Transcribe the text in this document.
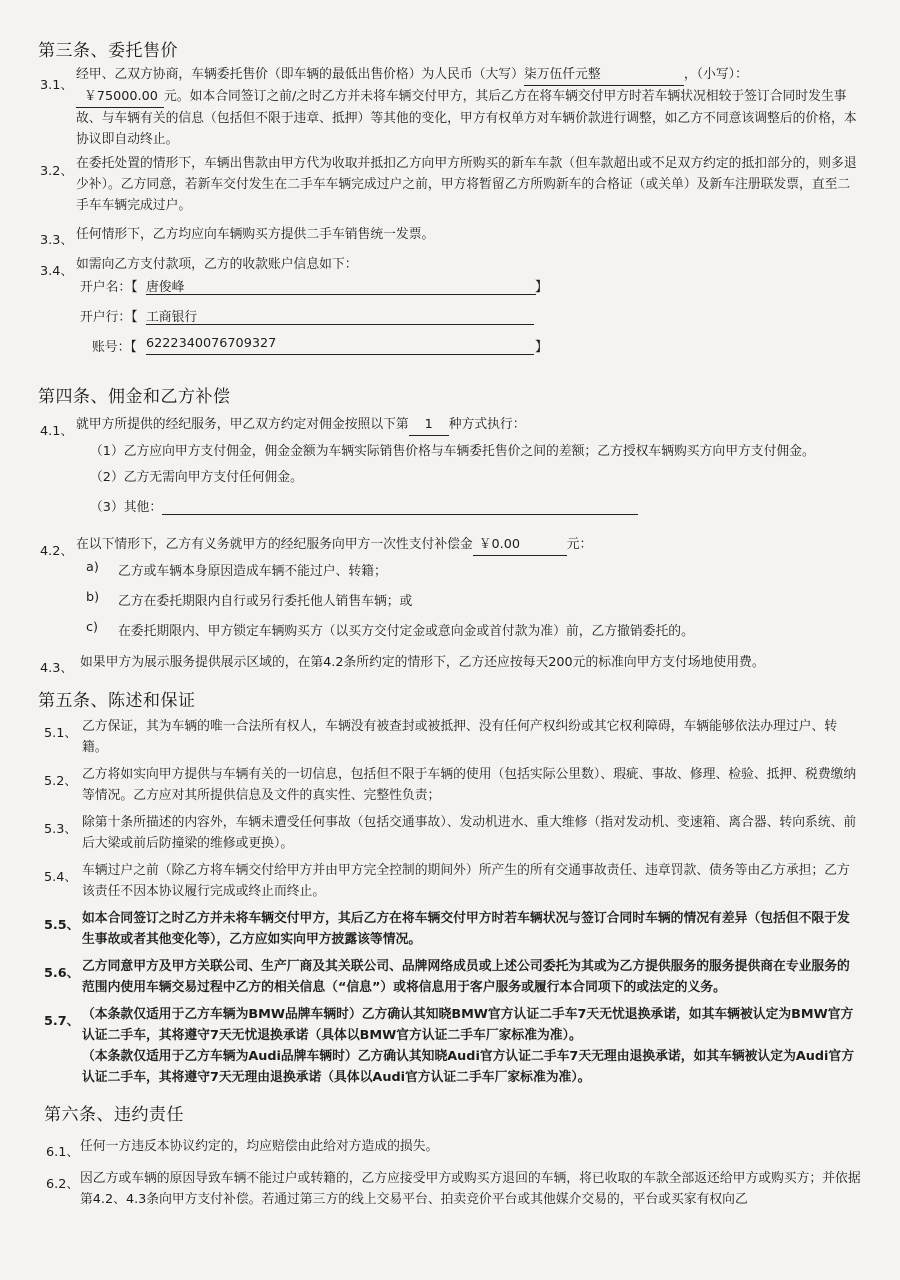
第三条、委托售价
3.1、
经甲、乙双方协商，车辆委托售价（即车辆的最低出售价格）为人民币（大写）柒万伍仟元整	，（小写）：
￥75000.00 元。如本合同签订之前/之时乙方并未将车辆交付甲方，其后乙方在将车辆交付甲方时若车辆状况相较于签订合同时发生事故、与车辆有关的信息（包括但不限于违章、抵押）等其他的变化，甲方有权单方对车辆价款进行调整，如乙方不同意该调整后的价格，本协议即自动终止。
3.2、
在委托处置的情形下，车辆出售款由甲方代为收取并抵扣乙方向甲方所购买的新车车款（但车款超出或不足双方约定的抵扣部分的，则多退少补）。乙方同意，若新车交付发生在二手车车辆完成过户之前，甲方将暂留乙方所购新车的合格证（或关单）及新车注册联发票，直至二手车车辆完成过户。
3.3、 任何情形下，乙方均应向车辆购买方提供二手车销售统一发票。
3.4、 如需向乙方支付款项，乙方的收款账户信息如下：
开户名：【 唐俊峰	】
开户行：【 工商银行
账号：【 6222340076709327	】
第四条、佣金和乙方补偿
4.1、 就甲方所提供的经纪服务，甲乙双方约定对佣金按照以下第 1 种方式执行：
（1）乙方应向甲方支付佣金，佣金金额为车辆实际销售价格与车辆委托售价之间的差额；乙方授权车辆购买方向甲方支付佣金。
（2）乙方无需向甲方支付任何佣金。
（3）其他：
4.2、 在以下情形下，乙方有义务就甲方的经纪服务向甲方一次性支付补偿金 ￥0.00	元：
a) 乙方或车辆本身原因造成车辆不能过户、转籍；
b) 乙方在委托期限内自行或另行委托他人销售车辆；或
c) 在委托期限内、甲方锁定车辆购买方（以买方交付定金或意向金或首付款为准）前，乙方撤销委托的。
4.3、 如果甲方为展示服务提供展示区域的，在第4.2条所约定的情形下，乙方还应按每天200元的标准向甲方支付场地使用费。
第五条、陈述和保证
5.1、 乙方保证，其为车辆的唯一合法所有权人，车辆没有被查封或被抵押、没有任何产权纠纷或其它权利障碍，车辆能够依法办理过户、转籍。
5.2、 乙方将如实向甲方提供与车辆有关的一切信息，包括但不限于车辆的使用（包括实际公里数）、瑕疵、事故、修理、检验、抵押、税费缴纳等情况。乙方应对其所提供信息及文件的真实性、完整性负责；
5.3、 除第十条所描述的内容外，车辆未遭受任何事故（包括交通事故）、发动机进水、重大维修（指对发动机、变速箱、离合器、转向系统、前后大梁或前后防撞梁的维修或更换）。
5.4、 车辆过户之前（除乙方将车辆交付给甲方并由甲方完全控制的期间外）所产生的所有交通事故责任、违章罚款、债务等由乙方承担；乙方该责任不因本协议履行完成或终止而终止。
5.5、 如本合同签订之时乙方并未将车辆交付甲方，其后乙方在将车辆交付甲方时若车辆状况与签订合同时车辆的情况有差异（包括但不限于发生事故或者其他变化等），乙方应如实向甲方披露该等情况。
5.6、 乙方同意甲方及甲方关联公司、生产厂商及其关联公司、品牌网络成员或上述公司委托为其或为乙方提供服务的服务提供商在专业服务的范围内使用车辆交易过程中乙方的相关信息（“信息”）或将信息用于客户服务或履行本合同项下的或法定的义务。
5.7、 （本条款仅适用于乙方车辆为BMW品牌车辆时）乙方确认其知晓BMW官方认证二手车7天无忧退换承诺，如其车辆被认定为BMW官方认证二手车，其将遵守7天无忧退换承诺（具体以BMW官方认证二手车厂家标准为准）。
（本条款仅适用于乙方车辆为Audi品牌车辆时）乙方确认其知晓Audi官方认证二手车7天无理由退换承诺，如其车辆被认定为Audi官方认证二手车，其将遵守7天无理由退换承诺（具体以Audi官方认证二手车厂家标准为准）。
第六条、违约责任
6.1、 任何一方违反本协议约定的，均应赔偿由此给对方造成的损失。
6.2、 因乙方或车辆的原因导致车辆不能过户或转籍的，乙方应接受甲方或购买方退回的车辆，将已收取的车款全部返还给甲方或购买方；并依据第4.2、4.3条向甲方支付补偿。若通过第三方的线上交易平台、拍卖竞价平台或其他媒介交易的，平台或买家有权向乙
